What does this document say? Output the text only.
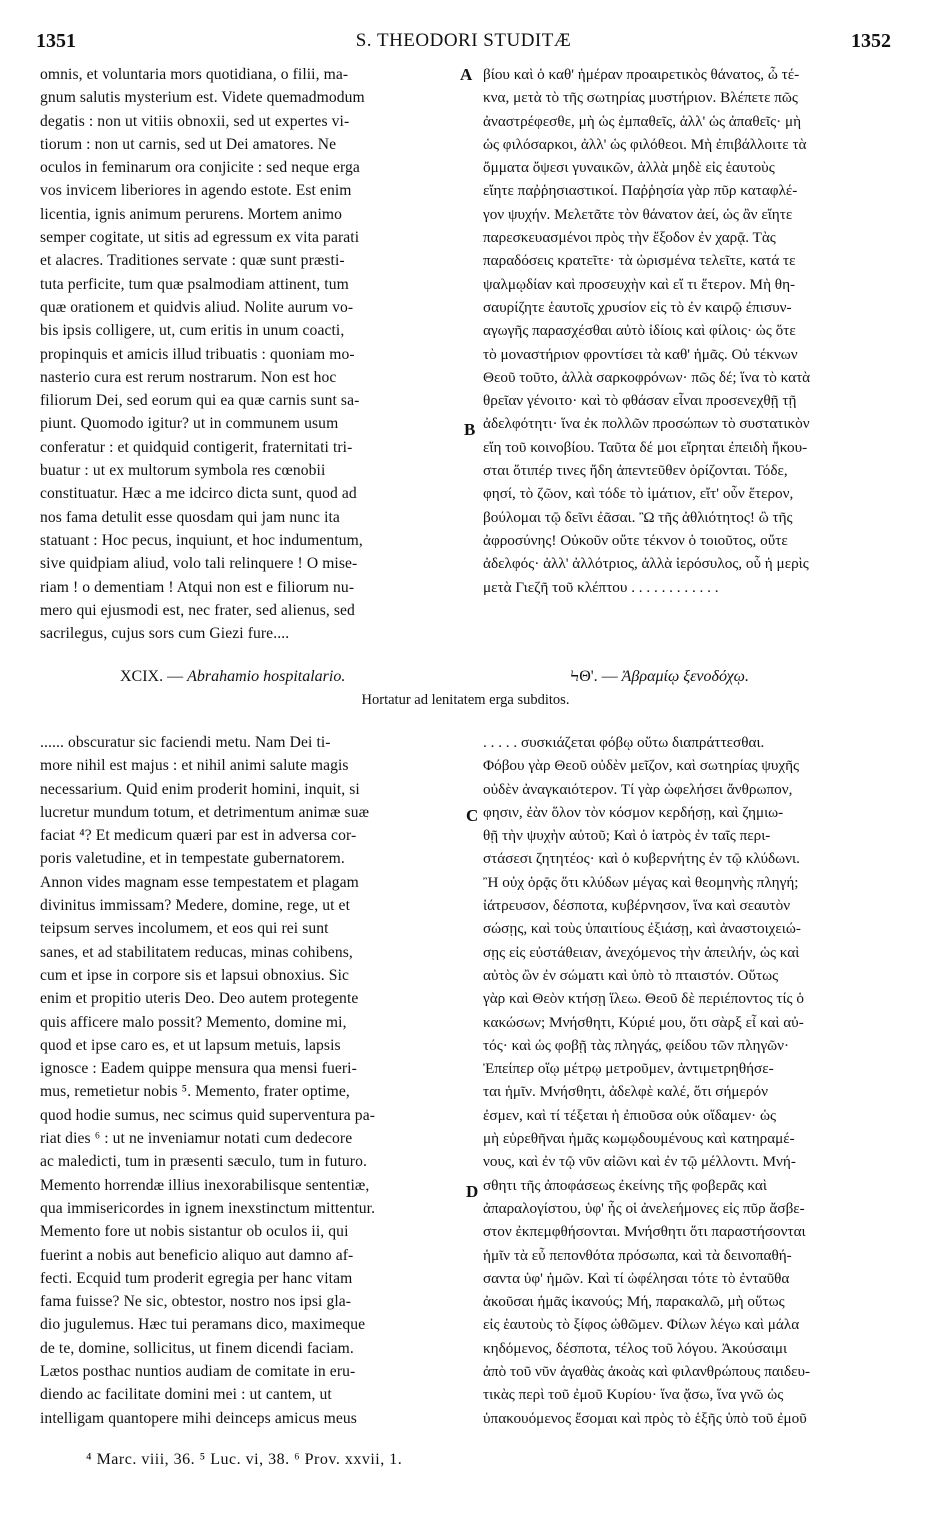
1351	S. THEODORI STUDITÆ	1352
omnis, et voluntaria mors quotidiana, o filii, ma-
gnum salutis mysterium est. Videte quemadmodum
degatis : non ut vitiis obnoxii, sed ut expertes vi-
tiorum : non ut carnis, sed ut Dei amatores. Ne
oculos in feminarum ora conjicite : sed neque erga
vos invicem liberiores in agendo estote. Est enim
licentia, ignis animum perurens. Mortem animo
semper cogitate, ut sitis ad egressum ex vita parati
et alacres. Traditiones servate : quæ sunt præsti-
tuta perficite, tum quæ psalmodiam attinent, tum
quæ orationem et quidvis aliud. Nolite aurum vo-
bis ipsis colligere, ut, cum eritis in unum coacti,
propinquis et amicis illud tribuatis : quoniam mo-
nasterio cura est rerum nostrarum. Non est hoc
filiorum Dei, sed eorum qui ea quæ carnis sunt sa-
piunt. Quomodo igitur? ut in communem usum
conferatur : et quidquid contigerit, fraternitati tri-
buatur : ut ex multorum symbola res cœnobii
constituatur. Hæc a me idcirco dicta sunt, quod ad
nos fama detulit esse quosdam qui jam nunc ita
statuant : Hoc pecus, inquiunt, et hoc indumentum,
sive quidpiam aliud, volo tali relinquere ! O mise-
riam ! o dementiam ! Atqui non est e filiorum nu-
mero qui ejusmodi est, nec frater, sed alienus, sed
sacrilegus, cujus sors cum Giezi fure....
βίου καὶ ὁ καθ' ἡμέραν προαιρετικὸς θάνατος, ὦ τέ-
κνα, μετὰ τὸ τῆς σωτηρίας μυστήριον. Βλέπετε πῶς
ἀναστρέφεσθε, μὴ ὡς ἐμπαθεῖς, ἀλλ' ὡς ἀπαθεῖς· μὴ
ὡς φιλόσαρκοι, ἀλλ' ὡς φιλόθεοι. Μὴ ἐπιβάλλοιτε τὰ
ὄμματα ὄψεσι γυναικῶν, ἀλλὰ μηδὲ εἰς ἑαυτοὺς
εἴητε παῤῥησιαστικοί. Παῤῥησία γὰρ πῦρ καταφλέ-
γον ψυχήν. Μελετᾶτε τὸν θάνατον ἀεί, ὡς ἂν εἴητε
παρεσκευασμένοι πρὸς τὴν ἔξοδον ἐν χαρᾷ. Τὰς
παραδόσεις κρατεῖτε· τὰ ὡρισμένα τελεῖτε, κατά τε
ψαλμῳδίαν καὶ προσευχὴν καὶ εἴ τι ἕτερον. Μὴ θη-
σαυρίζητε ἑαυτοῖς χρυσίον εἰς τὸ ἐν καιρῷ ἐπισυν-
αγωγῆς παρασχέσθαι αὐτὸ ἰδίοις καὶ φίλοις· ὡς ὅτε
τὸ μοναστήριον φροντίσει τὰ καθ' ἡμᾶς. Οὐ τέκνων
Θεοῦ τοῦτο, ἀλλὰ σαρκοφρόνων· πῶς δέ; ἵνα τὸ κατὰ
θρεῖαν γένοιτο· καὶ τὸ φθάσαν εἶναι προσενεχθῇ τῇ
ἀδελφότητι· ἵνα ἐκ πολλῶν προσώπων τὸ συστατικὸν
εἴη τοῦ κοινοβίου. Ταῦτα δέ μοι εἴρηται ἐπειδὴ ἤκου-
σται ὅτιπέρ τινες ἤδη ἀπεντεῦθεν ὁρίζονται. Τόδε,
φησί, τὸ ζῶον, καὶ τόδε τὸ ἱμάτιον, εἴτ' οὖν ἕτερον,
βούλομαι τῷ δεῖνι ἐᾶσαι. Ὢ τῆς ἀθλιότητος! ὢ τῆς
ἀφροσύνης! Οὐκοῦν οὔτε τέκνον ὁ τοιοῦτος, οὔτε
ἀδελφός· ἀλλ' ἀλλότριος, ἀλλὰ ἱερόσυλος, οὗ ἡ μερὶς
μετὰ Γιεζῆ τοῦ κλέπτου . . . . . . . . . . . .
A
B
C
D
XCIX. — Abrahamio hospitalario.	ϞΘ'. — Ἀβραμίῳ ξενοδόχῳ.
Hortatur ad lenitatem erga subditos.
...... obscuratur sic faciendi metu. Nam Dei ti-
more nihil est majus : et nihil animi salute magis
necessarium. Quid enim proderit homini, inquit, si
lucretur mundum totum, et detrimentum animæ suæ
faciat ⁴? Et medicum quæri par est in adversa cor-
poris valetudine, et in tempestate gubernatorem.
Annon vides magnam esse tempestatem et plagam
divinitus immissam? Medere, domine, rege, ut et
teipsum serves incolumem, et eos qui rei sunt
sanes, et ad stabilitatem reducas, minas cohibens,
cum et ipse in corpore sis et lapsui obnoxius. Sic
enim et propitio uteris Deo. Deo autem protegente
quis afficere malo possit? Memento, domine mi,
quod et ipse caro es, et ut lapsum metuis, lapsis
ignosce : Eadem quippe mensura qua mensi fueri-
mus, remetietur nobis ⁵. Memento, frater optime,
quod hodie sumus, nec scimus quid superventura pa-
riat dies ⁶ : ut ne inveniamur notati cum dedecore
ac maledicti, tum in præsenti sæculo, tum in futuro.
Memento horrendæ illius inexorabilisque sententiæ,
qua immisericordes in ignem inexstinctum mittentur.
Memento fore ut nobis sistantur ob oculos ii, qui
fuerint a nobis aut beneficio aliquo aut damno af-
fecti. Ecquid tum proderit egregia per hanc vitam
fama fuisse? Ne sic, obtestor, nostro nos ipsi gla-
dio jugulemus. Hæc tui peramans dico, maximeque
de te, domine, sollicitus, ut finem dicendi faciam.
Lætos posthac nuntios audiam de comitate in eru-
diendo ac facilitate domini mei : ut cantem, ut
intelligam quantopere mihi deinceps amicus meus
. . . . . συσκιάζεται φόβῳ οὕτω διαπράττεσθαι.
Φόβου γὰρ Θεοῦ οὐδὲν μεῖζον, καὶ σωτηρίας ψυχῆς
οὐδὲν ἀναγκαιότερον. Τί γὰρ ὠφελήσει ἄνθρωπον,
φησιν, ἐὰν ὅλον τὸν κόσμον κερδήσῃ, καὶ ζημιω-
θῇ τὴν ψυχὴν αὐτοῦ; Καὶ ὁ ἰατρὸς ἐν ταῖς περι-
στάσεσι ζητητέος· καὶ ὁ κυβερνήτης ἐν τῷ κλύδωνι.
Ἢ οὐχ ὁρᾷς ὅτι κλύδων μέγας καὶ θεομηνὴς πληγή;
ἰάτρευσον, δέσποτα, κυβέρνησον, ἵνα καὶ σεαυτὸν
σώσῃς, καὶ τοὺς ὑπαιτίους ἐξιάσῃ, καὶ ἀναστοιχειώ-
σῃς εἰς εὐστάθειαν, ἀνεχόμενος τὴν ἀπειλήν, ὡς καὶ
αὐτὸς ὢν ἐν σώματι καὶ ὑπὸ τὸ πταιστόν. Οὕτως
γὰρ καὶ Θεὸν κτήσῃ ἵλεω. Θεοῦ δὲ περιέποντος τίς ὁ
κακώσων; Μνήσθητι, Κύριέ μου, ὅτι σὰρξ εἶ καὶ αὐ-
τός· καὶ ὡς φοβῇ τὰς πληγάς, φείδου τῶν πληγῶν·
Ἐπείπερ οἵῳ μέτρῳ μετροῦμεν, ἀντιμετρηθήσε-
ται ἡμῖν. Μνήσθητι, ἀδελφὲ καλέ, ὅτι σήμερόν
ἐσμεν, καὶ τί τέξεται ἡ ἐπιοῦσα οὐκ οἴδαμεν· ὡς
μὴ εὑρεθῆναι ἡμᾶς κωμῳδουμένους καὶ κατηραμέ-
νους, καὶ ἐν τῷ νῦν αἰῶνι καὶ ἐν τῷ μέλλοντι. Μνή-
σθητι τῆς ἀποφάσεως ἐκείνης τῆς φοβερᾶς καὶ
ἀπαραλογίστου, ὑφ' ἧς οἱ ἀνελεήμονες εἰς πῦρ ἄσβε-
στον ἐκπεμφθήσονται. Μνήσθητι ὅτι παραστήσονται
ἡμῖν τὰ εὖ πεπονθότα πρόσωπα, καὶ τὰ δεινοπαθή-
σαντα ὑφ' ἡμῶν. Καὶ τί ὠφέλησαι τότε τὸ ἐνταῦθα
ἀκοῦσαι ἡμᾶς ἱκανούς; Μή, παρακαλῶ, μὴ οὕτως
εἰς ἑαυτοὺς τὸ ξίφος ὠθῶμεν. Φίλων λέγω καὶ μάλα
κηδόμενος, δέσποτα, τέλος τοῦ λόγου. Ἀκούσαιμι
ἀπὸ τοῦ νῦν ἀγαθὰς ἀκοὰς καὶ φιλανθρώπους παιδευ-
τικὰς περὶ τοῦ ἐμοῦ Κυρίου· ἵνα ᾄσω, ἵνα γνῶ ὡς
ὑπακουόμενος ἔσομαι καὶ πρὸς τὸ ἑξῆς ὑπὸ τοῦ ἐμοῦ
⁴ Marc. viii, 36. ⁵ Luc. vi, 38. ⁶ Prov. xxvii, 1.
